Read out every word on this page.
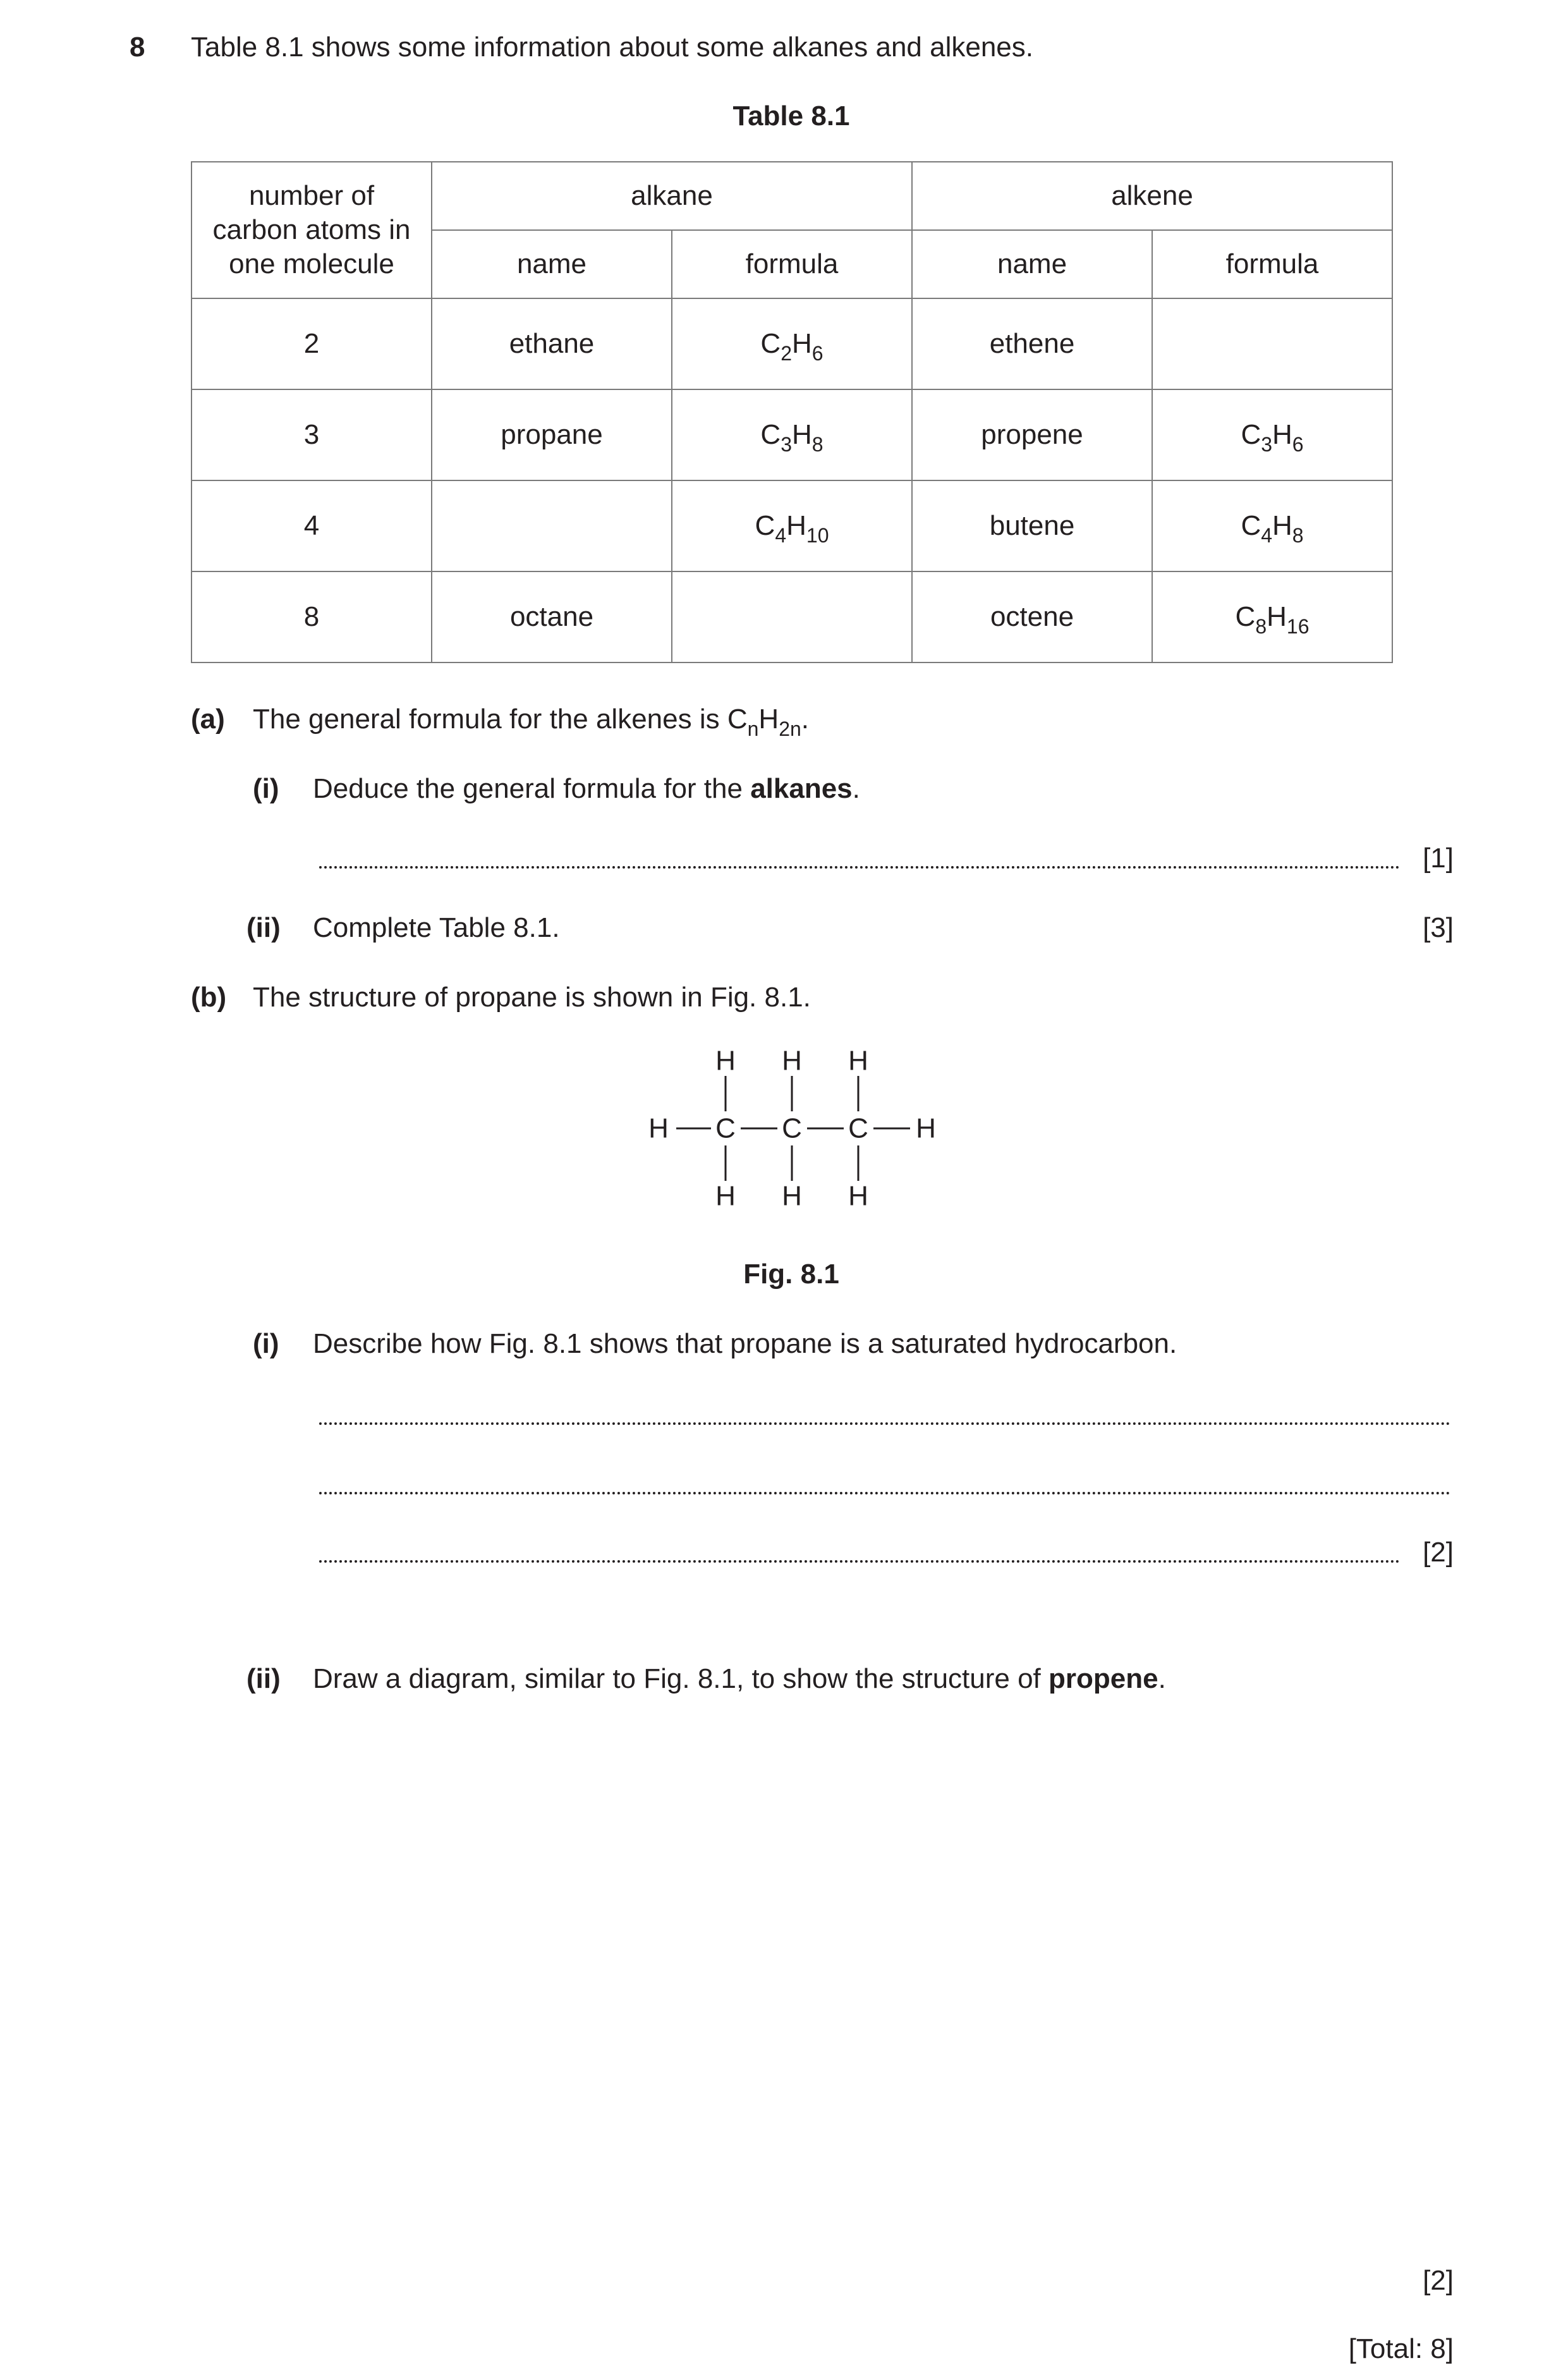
8 Table 8.1 shows some information about some alkanes and alkenes.
Table 8.1
number of carbon atoms in one molecule	alkane		alkene	
	name	formula	name	formula
2	ethane	$C_2H_6$	ethene	
3	propane	$C_3H_8$	propene	$C_3H_6$
4		$C_4H_{10}$	butene	$C_4H_8$
8	octane		octene	$C_8H_{16}$
(a) The general formula for the alkenes is $C_nH_{2n}$.
(i) Deduce the general formula for the alkanes.
[1]
(ii) Complete Table 8.1.	[3]
(b) The structure of propane is shown in Fig. 8.1.
H H H
H C C C H
H H H
Fig. 8.1
(i) Describe how Fig. 8.1 shows that propane is a saturated hydrocarbon.
[2]
(ii) Draw a diagram, similar to Fig. 8.1, to show the structure of propene.
[2]
[Total: 8]
